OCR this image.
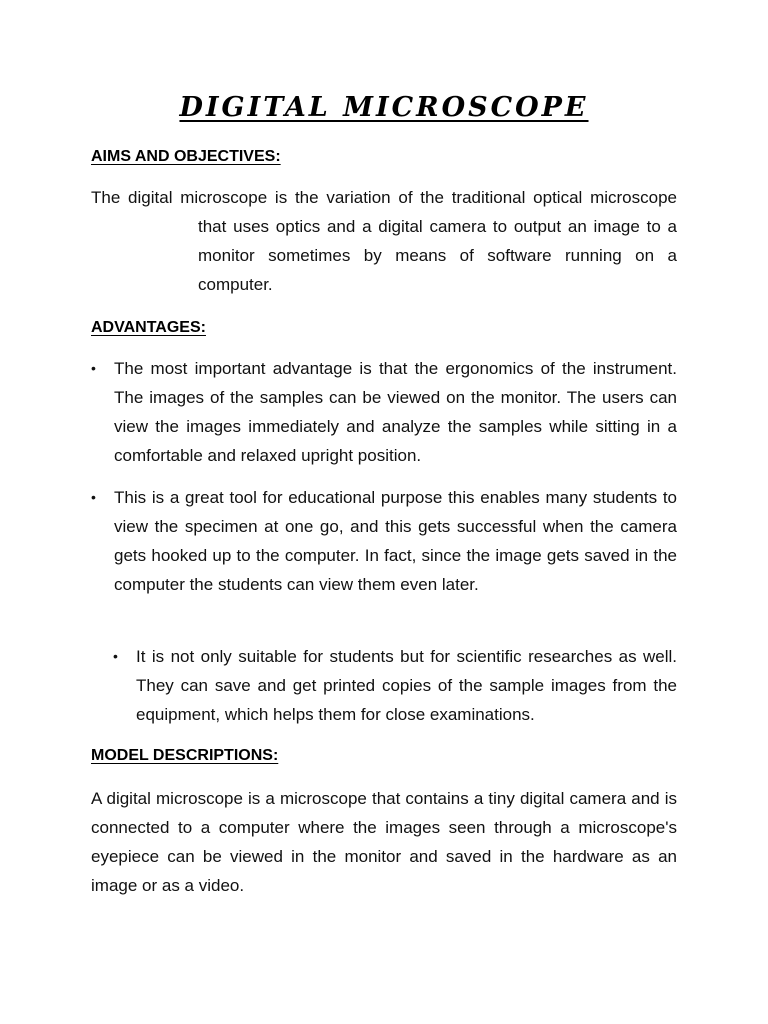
DIGITAL MICROSCOPE
AIMS AND OBJECTIVES:

The digital microscope is the variation of the traditional optical microscope that uses optics and a digital camera to output an image to a monitor sometimes by means of software running on a computer.

ADVANTAGES:
•	The most important advantage is that the ergonomics of the instrument. The images of the samples can be viewed on the monitor. The users can view the images immediately and analyze the samples while sitting in a comfortable and relaxed upright position.

•	This is a great tool for educational purpose this enables many students to view the specimen at one go, and this gets successful when the camera gets hooked up to the computer. In fact, since the image gets saved in the computer the students can view them even later.

•	It is not only suitable for students but for scientific researches as well. They can save and get printed copies of the sample images from the equipment, which helps them for close examinations.

MODEL DESCRIPTIONS:

A digital microscope is a microscope that contains a tiny digital camera and is connected to a computer where the images seen through a microscope's eyepiece can be viewed in the monitor and saved in the hardware as an image or as a video.
